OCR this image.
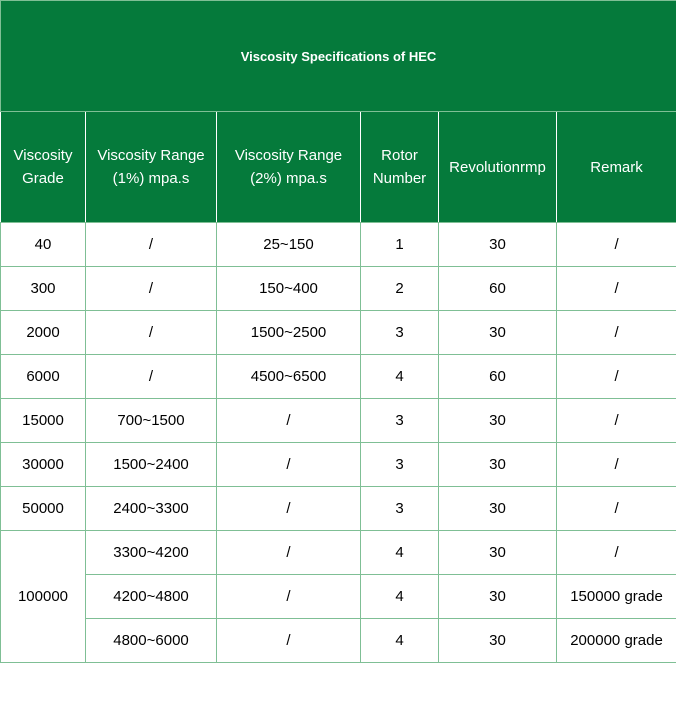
Viscosity Specifications of HEC					
Viscosity Grade	Viscosity Range (1%) mpa.s	Viscosity Range (2%) mpa.s	Rotor Number	Revolutionrmp	Remark
40	/	25~150	1	30	/
300	/	150~400	2	60	/
2000	/	1500~2500	3	30	/
6000	/	4500~6500	4	60	/
15000	700~1500	/	3	30	/
30000	1500~2400	/	3	30	/
50000	2400~3300	/	3	30	/
100000	3300~4200	/	4	30	/
	4200~4800	/	4	30	150000 grade
	4800~6000	/	4	30	200000 grade
